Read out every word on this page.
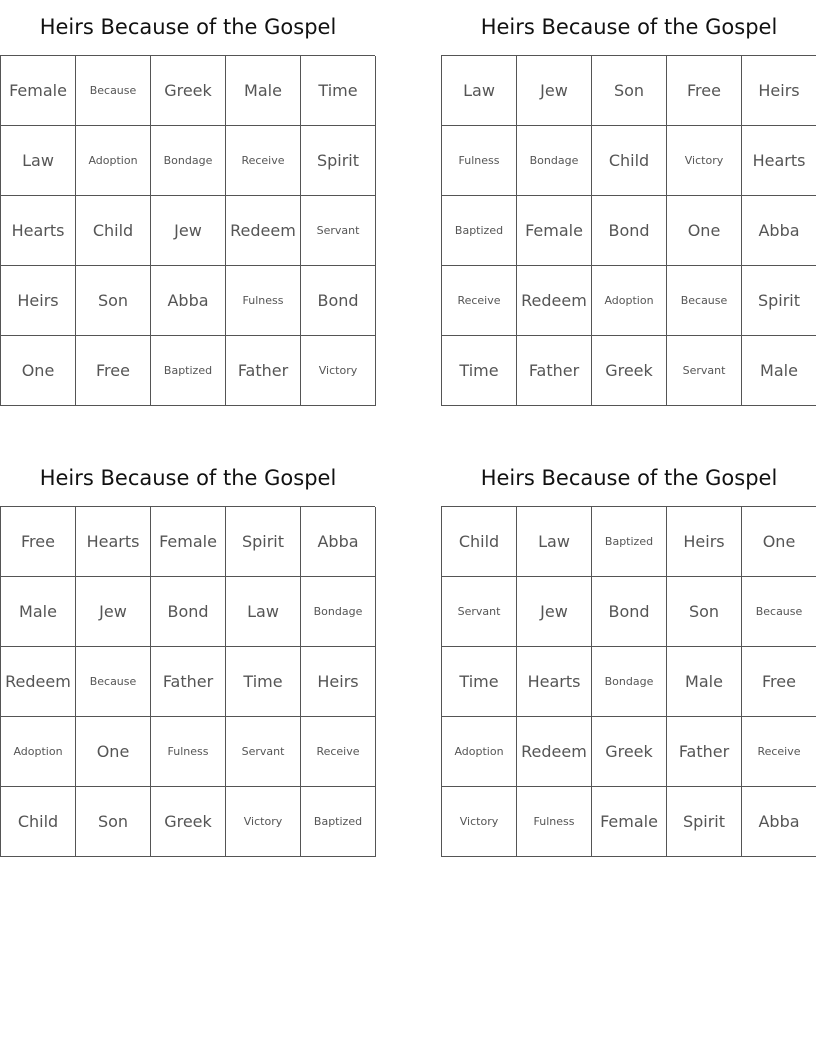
Heirs Because of the Gospel
Female	Because	Greek	Male	Time
Law	Adoption	Bondage	Receive	Spirit
Hearts	Child	Jew	Redeem	Servant
Heirs	Son	Abba	Fulness	Bond
One	Free	Baptized	Father	Victory
Heirs Because of the Gospel
Law	Jew	Son	Free	Heirs
Fulness	Bondage	Child	Victory	Hearts
Baptized	Female	Bond	One	Abba
Receive	Redeem	Adoption	Because	Spirit
Time	Father	Greek	Servant	Male
Heirs Because of the Gospel
Free	Hearts	Female	Spirit	Abba
Male	Jew	Bond	Law	Bondage
Redeem	Because	Father	Time	Heirs
Adoption	One	Fulness	Servant	Receive
Child	Son	Greek	Victory	Baptized
Heirs Because of the Gospel
Child	Law	Baptized	Heirs	One
Servant	Jew	Bond	Son	Because
Time	Hearts	Bondage	Male	Free
Adoption	Redeem	Greek	Father	Receive
Victory	Fulness	Female	Spirit	Abba
